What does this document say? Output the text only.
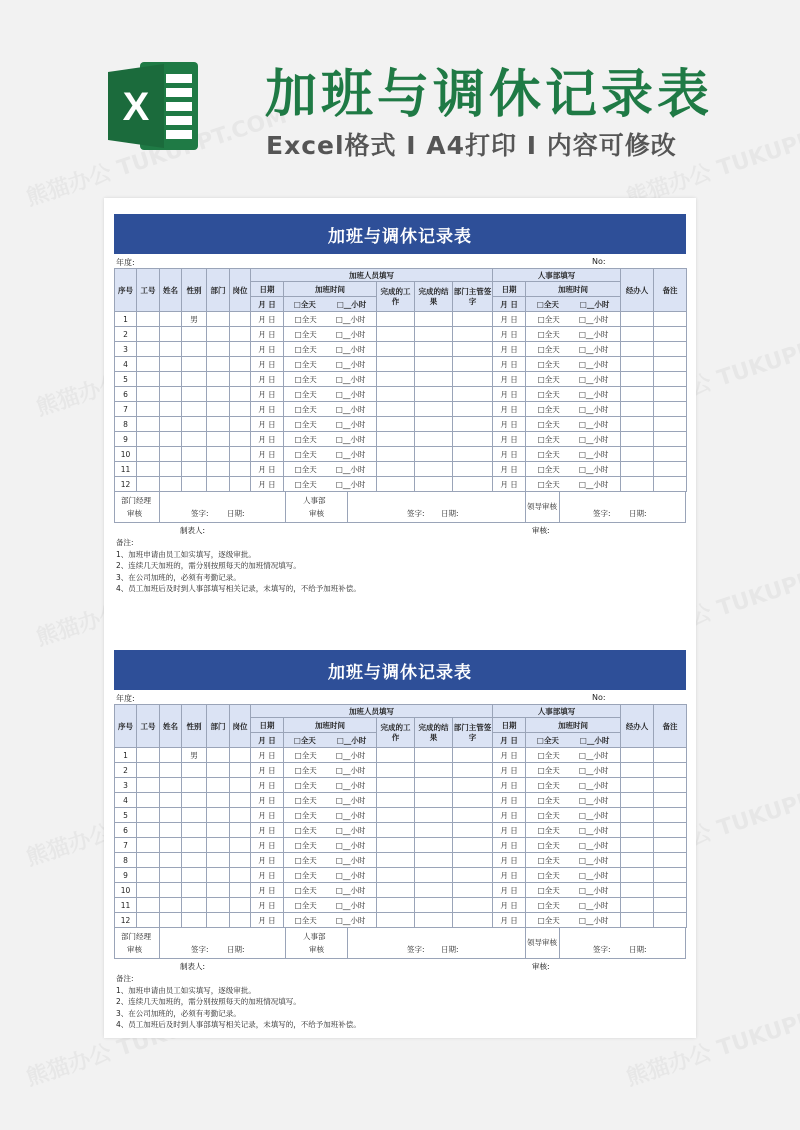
X 加班与调休记录表
Excel格式 I A4打印 I 内容可修改
加班与调休记录表
年度:	No:
序号	工号	姓名	性别	部门	岗位	加班人员填写					人事部填写		经办人	备注
						日期	加班时间	完成的工作	完成的结果	部门主管签字	日期	加班时间		
						月 日	□全天 □__小时				月 日	□全天 □__小时		
1			男			月 日	□全天 □__小时				月 日	□全天 □__小时		
2						月 日	□全天 □__小时				月 日	□全天 □__小时		
3						月 日	□全天 □__小时				月 日	□全天 □__小时		
4						月 日	□全天 □__小时				月 日	□全天 □__小时		
5						月 日	□全天 □__小时				月 日	□全天 □__小时		
6						月 日	□全天 □__小时				月 日	□全天 □__小时		
7						月 日	□全天 □__小时				月 日	□全天 □__小时		
8						月 日	□全天 □__小时				月 日	□全天 □__小时		
9						月 日	□全天 □__小时				月 日	□全天 □__小时		
10						月 日	□全天 □__小时				月 日	□全天 □__小时		
11						月 日	□全天 □__小时				月 日	□全天 □__小时		
12						月 日	□全天 □__小时				月 日	□全天 □__小时		
部门经理
审核	签字: 日期:
人事部
审核	签字: 日期:
领导审核
签字: 日期:
制表人:	审核:
备注:
1、加班申请由员工如实填写，逐级审批。
2、连续几天加班的，需分别按照每天的加班情况填写。
3、在公司加班的，必须有考勤记录。
4、员工加班后及时到人事部填写相关记录，未填写的，不给予加班补偿。
加班与调休记录表
年度:	No:
序号	工号	姓名	性别	部门	岗位	加班人员填写					人事部填写		经办人	备注
						日期	加班时间	完成的工作	完成的结果	部门主管签字	日期	加班时间		
						月 日	□全天 □__小时				月 日	□全天 □__小时		
1			男			月 日	□全天 □__小时				月 日	□全天 □__小时		
2						月 日	□全天 □__小时				月 日	□全天 □__小时		
3						月 日	□全天 □__小时				月 日	□全天 □__小时		
4						月 日	□全天 □__小时				月 日	□全天 □__小时		
5						月 日	□全天 □__小时				月 日	□全天 □__小时		
6						月 日	□全天 □__小时				月 日	□全天 □__小时		
7						月 日	□全天 □__小时				月 日	□全天 □__小时		
8						月 日	□全天 □__小时				月 日	□全天 □__小时		
9						月 日	□全天 □__小时				月 日	□全天 □__小时		
10						月 日	□全天 □__小时				月 日	□全天 □__小时		
11						月 日	□全天 □__小时				月 日	□全天 □__小时		
12						月 日	□全天 □__小时				月 日	□全天 □__小时		
部门经理
审核	签字: 日期:
人事部
审核	签字: 日期:
领导审核
签字: 日期:
制表人:	审核:
备注:
1、加班申请由员工如实填写，逐级审批。
2、连续几天加班的，需分别按照每天的加班情况填写。
3、在公司加班的，必须有考勤记录。
4、员工加班后及时到人事部填写相关记录，未填写的，不给予加班补偿。
